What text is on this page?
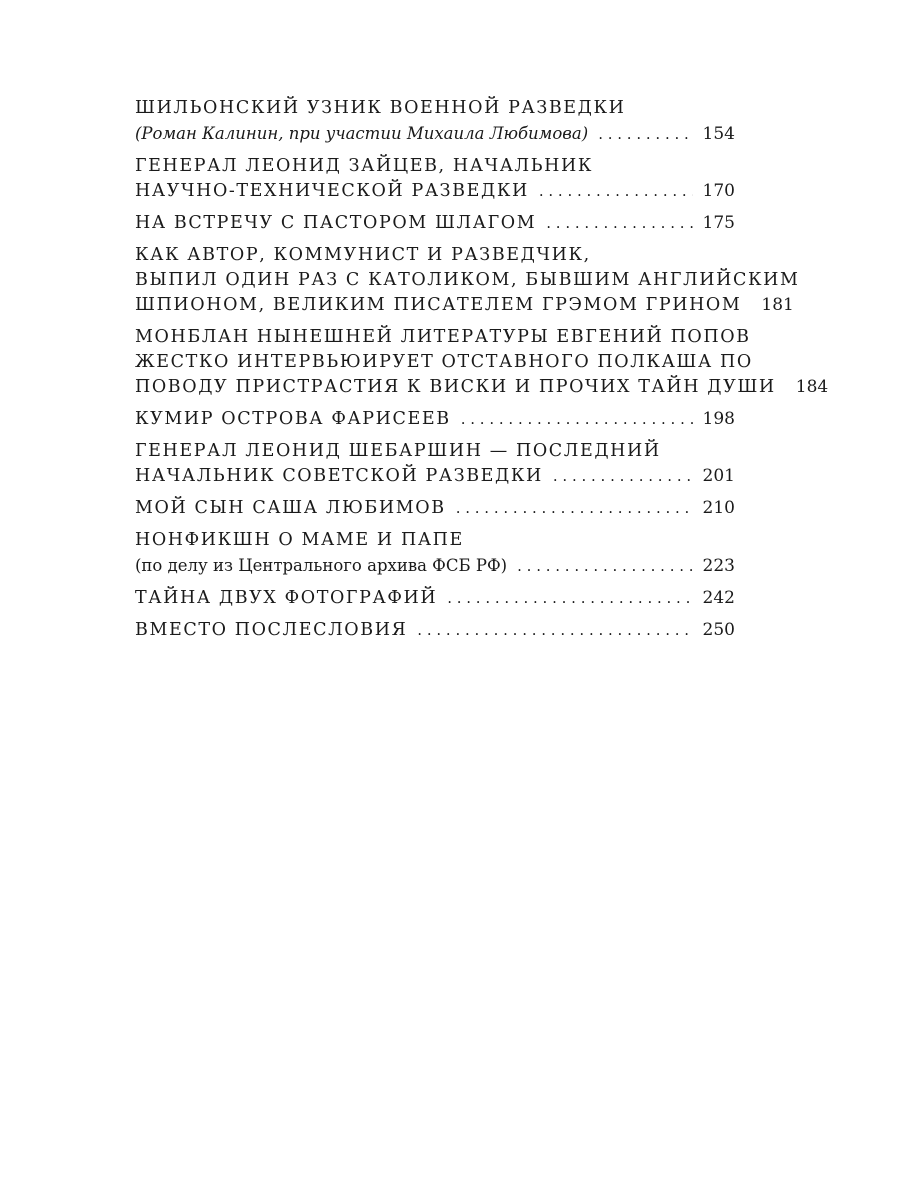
ШИЛЬОНСКИЙ УЗНИК ВОЕННОЙ РАЗВЕДКИ
(Роман Калинин, при участии Михаила Любимова) . . .	154
ГЕНЕРАЛ ЛЕОНИД ЗАЙЦЕВ, НАЧАЛЬНИК
НАУЧНО-ТЕХНИЧЕСКОЙ РАЗВЕДКИ . . .	170
НА ВСТРЕЧУ С ПАСТОРОМ ШЛАГОМ . . .	175
КАК АВТОР, КОММУНИСТ И РАЗВЕДЧИК,
ВЫПИЛ ОДИН РАЗ С КАТОЛИКОМ, БЫВШИМ АНГЛИЙСКИМ
ШПИОНОМ, ВЕЛИКИМ ПИСАТЕЛЕМ ГРЭМОМ ГРИНОМ 181
МОНБЛАН НЫНЕШНЕЙ ЛИТЕРАТУРЫ ЕВГЕНИЙ ПОПОВ
ЖЕСТКО ИНТЕРВЬЮИРУЕТ ОТСТАВНОГО ПОЛКАША ПО
ПОВОДУ ПРИСТРАСТИЯ К ВИСКИ И ПРОЧИХ ТАЙН ДУШИ 184
КУМИР ОСТРОВА ФАРИСЕЕВ . . .	198
ГЕНЕРАЛ ЛЕОНИД ШЕБАРШИН — ПОСЛЕДНИЙ
НАЧАЛЬНИК СОВЕТСКОЙ РАЗВЕДКИ . . .	201
МОЙ СЫН САША ЛЮБИМОВ . . .	210
НОНФИКШН О МАМЕ И ПАПЕ
(по делу из Центрального архива ФСБ РФ) . . .	223
ТАЙНА ДВУХ ФОТОГРАФИЙ . . .	242
ВМЕСТО ПОСЛЕСЛОВИЯ . . .	250
